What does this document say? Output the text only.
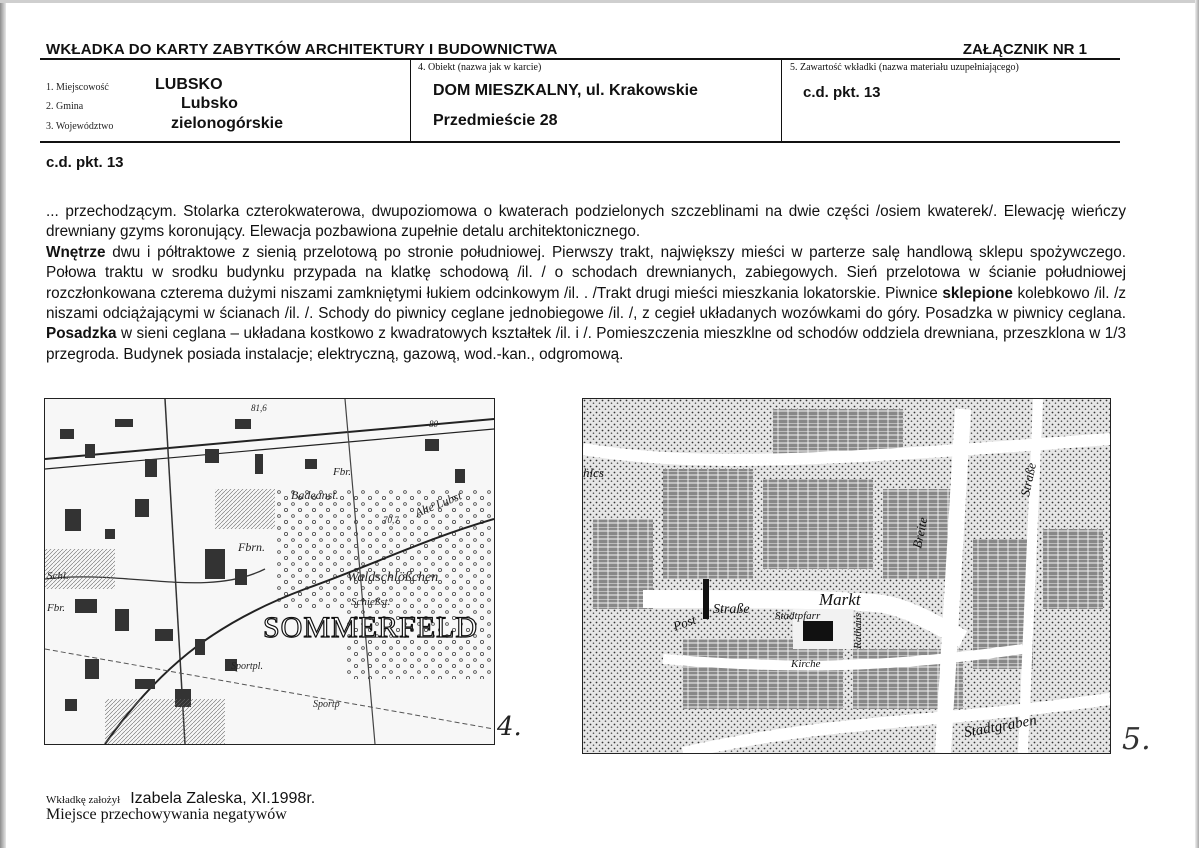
WKŁADKA DO KARTY ZABYTKÓW ARCHITEKTURY I BUDOWNICTWA	ZAŁĄCZNIK NR 1
1. Miejscowość	LUBSKO
2. Gmina	Lubsko
3. Województwo	zielonogórskie
4. Obiekt (nazwa jak w karcie)
DOM MIESZKALNY, ul. Krakowskie
Przedmieście 28
5. Zawartość wkładki (nazwa materiału uzupełniającego)
c.d. pkt. 13
c.d. pkt. 13

... przechodzącym. Stolarka czterokwaterowa, dwupoziomowa o kwaterach podzielonych szczeblinami na dwie części /osiem kwaterek/. Elewację wieńczy drewniany gzyms koronujący. Elewacja pozbawiona zupełnie detalu architektonicznego.

Wnętrze dwu i półtraktowe z sienią przelotową po stronie południowej. Pierwszy trakt, największy mieści w parterze salę handlową sklepu spożywczego. Połowa traktu w srodku budynku przypada na klatkę schodową /il. / o schodach drewnianych, zabiegowych. Sień przelotowa w ścianie południowej rozczłonkowana czterema dużymi niszami zamkniętymi łukiem odcinkowym /il. . /Trakt drugi mieści mieszkania lokatorskie. Piwnice sklepione kolebkowo /il. /z niszami odciążającymi w ścianach /il. /. Schody do piwnicy ceglane jednobiegowe /il. /, z cegieł układanych wozówkami do góry. Posadzka w piwnicy ceglana. Posadzka w sieni ceglana – układana kostkowo z kwadratowych kształtek /il. i /. Pomieszczenia mieszklne od schodów oddziela drewniana, przeszklona w 1/3 przegroda. Budynek posiada instalacje; elektryczną, gazową, wod.-kan., odgromową.

Badeanst.	Alte Lubst
Fbrn.
Waldschlößchen
Schießst.
Schl.
Fbr.
Sportpl.
Sportp
81,6
70,7
80
Fbr.
SOMMERFELD
4.
Markt
Post
Straße Stadtpfarr
Kirche
Rathaus
Breite
Straße
Stadtgraben
hlcs
5.
Wkładkę założył Izabela Zaleska, XI.1998r.
Miejsce przechowywania negatywów
